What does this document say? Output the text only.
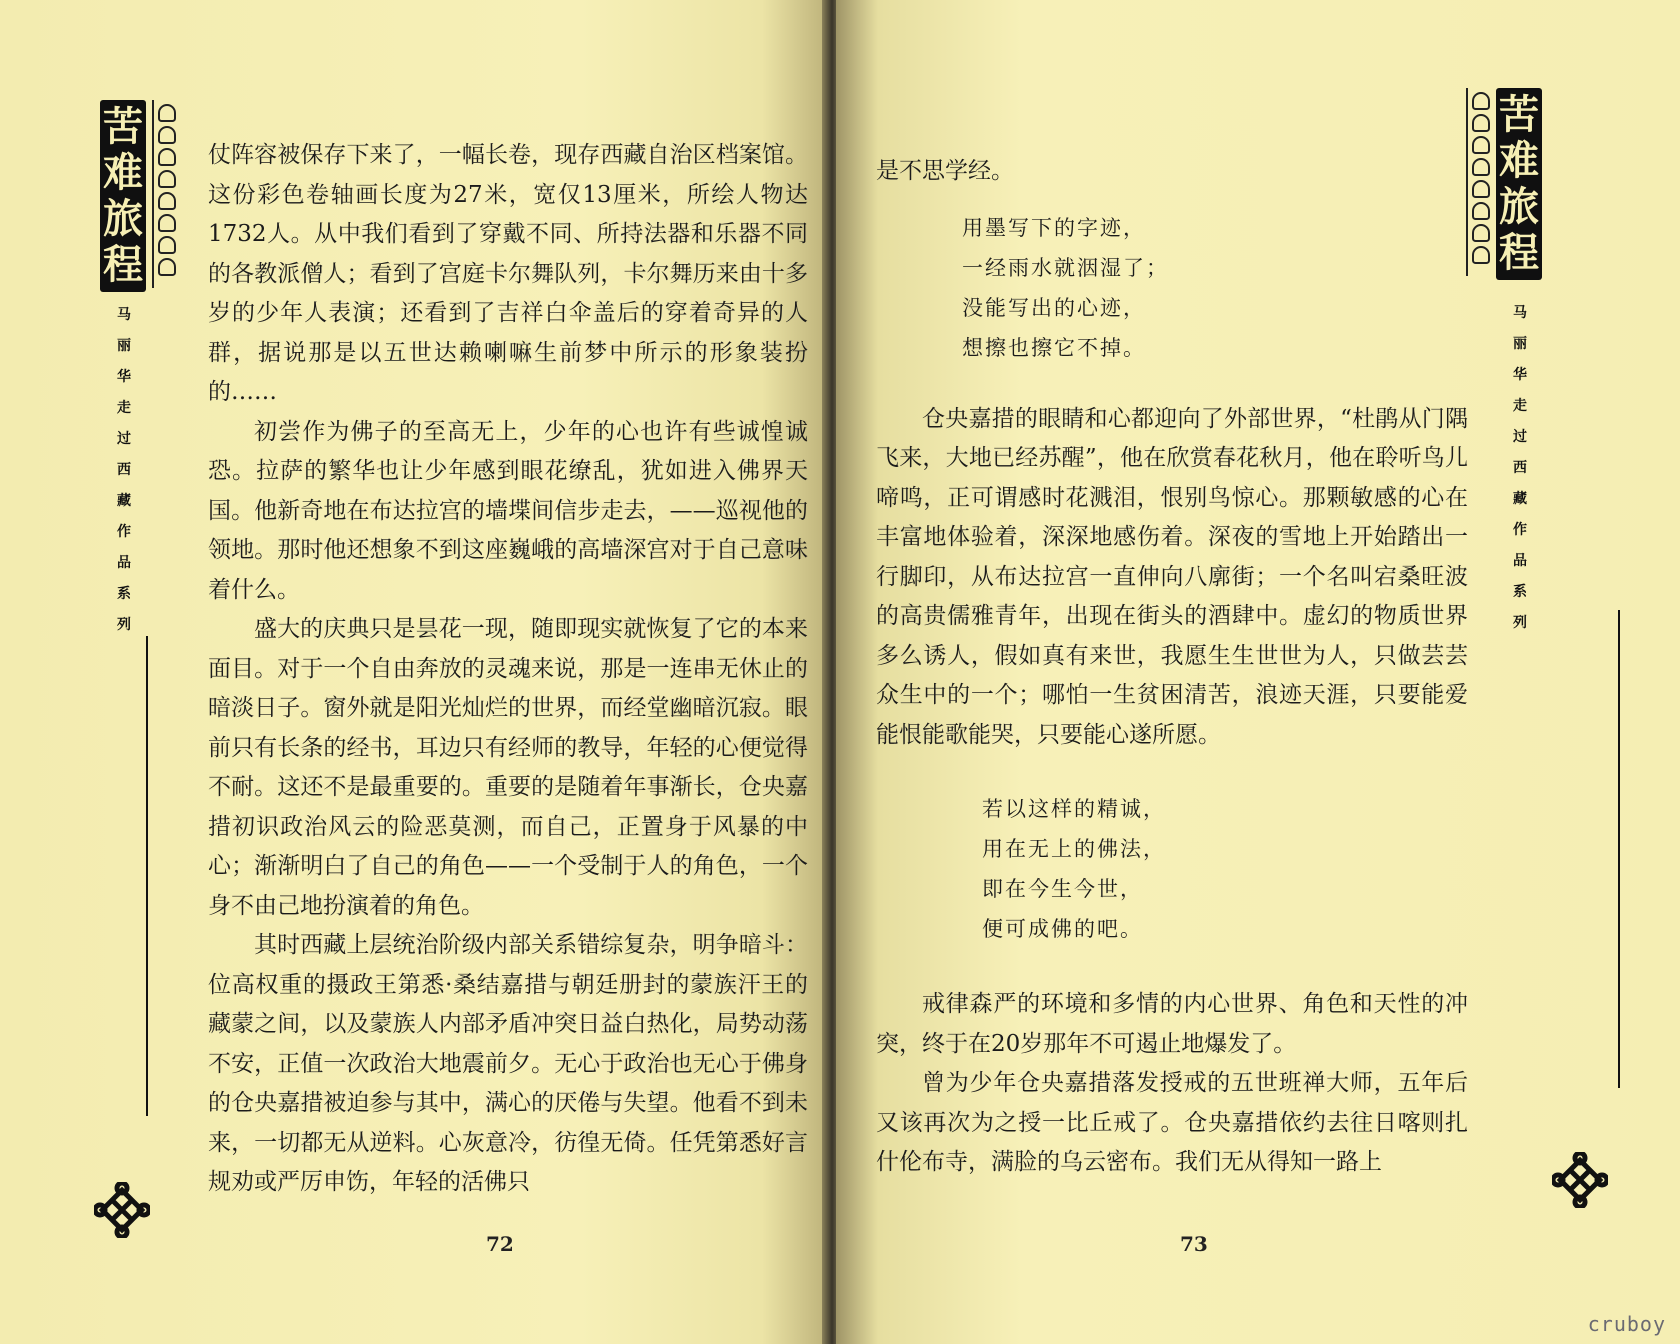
苦
难
旅
程
马
丽
华
走
过
西
藏
作
品
系
列

仗阵容被保存下来了，一幅长卷，现存西藏自治区档案馆。这份彩色卷轴画长度为27米，宽仅13厘米，所绘人物达1732人。从中我们看到了穿戴不同、所持法器和乐器不同的各教派僧人；看到了宫庭卡尔舞队列，卡尔舞历来由十多岁的少年人表演；还看到了吉祥白伞盖后的穿着奇异的人群，据说那是以五世达赖喇嘛生前梦中所示的形象装扮的……

初尝作为佛子的至高无上，少年的心也许有些诚惶诚恐。拉萨的繁华也让少年感到眼花缭乱，犹如进入佛界天国。他新奇地在布达拉宫的墙堞间信步走去，——巡视他的领地。那时他还想象不到这座巍峨的高墙深宫对于自己意味着什么。

盛大的庆典只是昙花一现，随即现实就恢复了它的本来面目。对于一个自由奔放的灵魂来说，那是一连串无休止的暗淡日子。窗外就是阳光灿烂的世界，而经堂幽暗沉寂。眼前只有长条的经书，耳边只有经师的教导，年轻的心便觉得不耐。这还不是最重要的。重要的是随着年事渐长，仓央嘉措初识政治风云的险恶莫测，而自己，正置身于风暴的中心；渐渐明白了自己的角色——一个受制于人的角色，一个身不由己地扮演着的角色。

其时西藏上层统治阶级内部关系错综复杂，明争暗斗：位高权重的摄政王第悉·桑结嘉措与朝廷册封的蒙族汗王的藏蒙之间，以及蒙族人内部矛盾冲突日益白热化，局势动荡不安，正值一次政治大地震前夕。无心于政治也无心于佛身的仓央嘉措被迫参与其中，满心的厌倦与失望。他看不到未来，一切都无从逆料。心灰意冷，彷徨无倚。任凭第悉好言规劝或严厉申饬，年轻的活佛只

72

是不思学经。

用墨写下的字迹，
一经雨水就洇湿了；
没能写出的心迹，
想擦也擦它不掉。

仓央嘉措的眼睛和心都迎向了外部世界，“杜鹃从门隅飞来，大地已经苏醒”，他在欣赏春花秋月，他在聆听鸟儿啼鸣，正可谓感时花溅泪，恨别鸟惊心。那颗敏感的心在丰富地体验着，深深地感伤着。深夜的雪地上开始踏出一行脚印，从布达拉宫一直伸向八廓街；一个名叫宕桑旺波的高贵儒雅青年，出现在街头的酒肆中。虚幻的物质世界多么诱人，假如真有来世，我愿生生世世为人，只做芸芸众生中的一个；哪怕一生贫困清苦，浪迹天涯，只要能爱能恨能歌能哭，只要能心遂所愿。

若以这样的精诚，
用在无上的佛法，
即在今生今世，
便可成佛的吧。

戒律森严的环境和多情的内心世界、角色和天性的冲突，终于在20岁那年不可遏止地爆发了。

曾为少年仓央嘉措落发授戒的五世班禅大师，五年后又该再次为之授一比丘戒了。仓央嘉措依约去往日喀则扎什伦布寺，满脸的乌云密布。我们无从得知一路上

苦
难
旅
程
马
丽
华
走
过
西
藏
作
品
系
列
73
cruboy
